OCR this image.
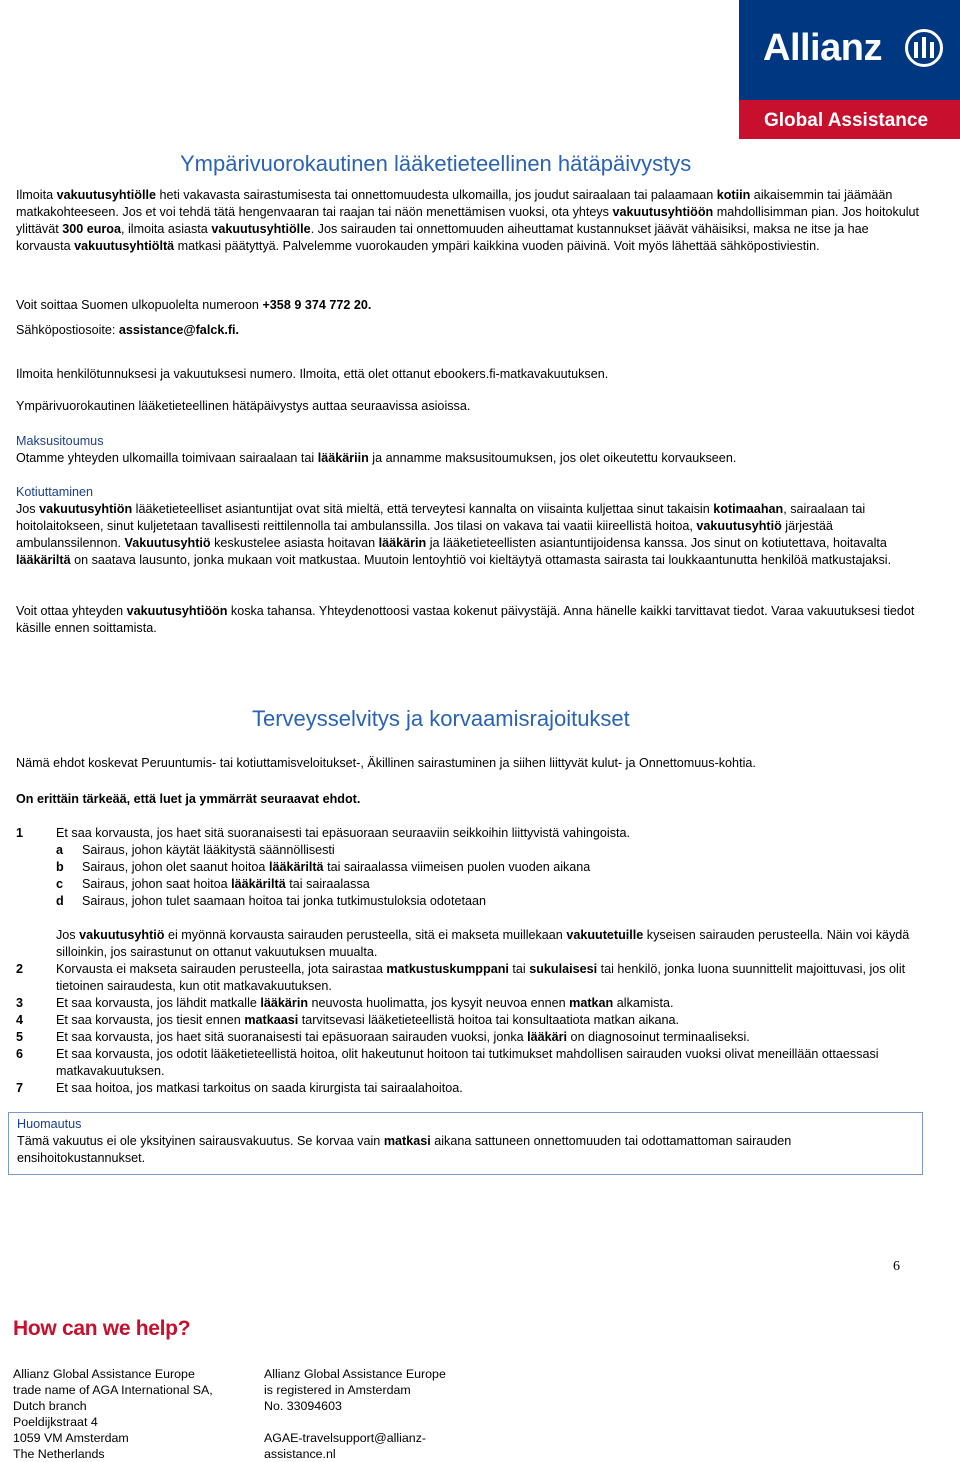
Allianz
Global Assistance
Ympärivuorokautinen lääketieteellinen hätäpäivystys
Ilmoita vakuutusyhtiölle heti vakavasta sairastumisesta tai onnettomuudesta ulkomailla, jos joudut sairaalaan tai palaamaan kotiin aikaisemmin tai jäämään matkakohteeseen. Jos et voi tehdä tätä hengenvaaran tai raajan tai näön menettämisen vuoksi, ota yhteys vakuutusyhtiöön mahdollisimman pian. Jos hoitokulut ylittävät 300 euroa, ilmoita asiasta vakuutusyhtiölle. Jos sairauden tai onnettomuuden aiheuttamat kustannukset jäävät vähäisiksi, maksa ne itse ja hae korvausta vakuutusyhtiöltä matkasi päätyttyä. Palvelemme vuorokauden ympäri kaikkina vuoden päivinä. Voit myös lähettää sähköpostiviestin.
Voit soittaa Suomen ulkopuolelta numeroon +358 9 374 772 20.
Sähköpostiosoite: assistance@falck.fi.
Ilmoita henkilötunnuksesi ja vakuutuksesi numero. Ilmoita, että olet ottanut ebookers.fi-matkavakuutuksen.
Ympärivuorokautinen lääketieteellinen hätäpäivystys auttaa seuraavissa asioissa.
Maksusitoumus
Otamme yhteyden ulkomailla toimivaan sairaalaan tai lääkäriin ja annamme maksusitoumuksen, jos olet oikeutettu korvaukseen.
Kotiuttaminen
Jos vakuutusyhtiön lääketieteelliset asiantuntijat ovat sitä mieltä, että terveytesi kannalta on viisainta kuljettaa sinut takaisin kotimaahan, sairaalaan tai hoitolaitokseen, sinut kuljetetaan tavallisesti reittilennolla tai ambulanssilla. Jos tilasi on vakava tai vaatii kiireellistä hoitoa, vakuutusyhtiö järjestää ambulanssilennon. Vakuutusyhtiö keskustelee asiasta hoitavan lääkärin ja lääketieteellisten asiantuntijoidensa kanssa. Jos sinut on kotiutettava, hoitavalta lääkäriltä on saatava lausunto, jonka mukaan voit matkustaa. Muutoin lentoyhtiö voi kieltäytyä ottamasta sairasta tai loukkaantunutta henkilöä matkustajaksi.
Voit ottaa yhteyden vakuutusyhtiöön koska tahansa. Yhteydenottoosi vastaa kokenut päivystäjä. Anna hänelle kaikki tarvittavat tiedot. Varaa vakuutuksesi tiedot käsille ennen soittamista.
Terveysselvitys ja korvaamisrajoitukset
Nämä ehdot koskevat Peruuntumis- tai kotiuttamisveloitukset-, Äkillinen sairastuminen ja siihen liittyvät kulut- ja Onnettomuus-kohtia.
On erittäin tärkeää, että luet ja ymmärrät seuraavat ehdot.
1	Et saa korvausta, jos haet sitä suoranaisesti tai epäsuoraan seuraaviin seikkoihin liittyvistä vahingoista.
a Sairaus, johon käytät lääkitystä säännöllisesti
b Sairaus, johon olet saanut hoitoa lääkäriltä tai sairaalassa viimeisen puolen vuoden aikana
c Sairaus, johon saat hoitoa lääkäriltä tai sairaalassa
d Sairaus, johon tulet saamaan hoitoa tai jonka tutkimustuloksia odotetaan
Jos vakuutusyhtiö ei myönnä korvausta sairauden perusteella, sitä ei makseta muillekaan vakuutetuille kyseisen sairauden perusteella. Näin voi käydä silloinkin, jos sairastunut on ottanut vakuutuksen muualta.
2	Korvausta ei makseta sairauden perusteella, jota sairastaa matkustuskumppani tai sukulaisesi tai henkilö, jonka luona suunnittelit majoittuvasi, jos olit tietoinen sairaudesta, kun otit matkavakuutuksen.
3	Et saa korvausta, jos lähdit matkalle lääkärin neuvosta huolimatta, jos kysyit neuvoa ennen matkan alkamista.
4	Et saa korvausta, jos tiesit ennen matkaasi tarvitsevasi lääketieteellistä hoitoa tai konsultaatiota matkan aikana.
5	Et saa korvausta, jos haet sitä suoranaisesti tai epäsuoraan sairauden vuoksi, jonka lääkäri on diagnosoinut terminaaliseksi.
6	Et saa korvausta, jos odotit lääketieteellistä hoitoa, olit hakeutunut hoitoon tai tutkimukset mahdollisen sairauden vuoksi olivat meneillään ottaessasi matkavakuutuksen.
7	Et saa hoitoa, jos matkasi tarkoitus on saada kirurgista tai sairaalahoitoa.
Huomautus
Tämä vakuutus ei ole yksityinen sairausvakuutus. Se korvaa vain matkasi aikana sattuneen onnettomuuden tai odottamattoman sairauden ensihoitokustannukset.
6
How can we help?
Allianz Global Assistance Europe
trade name of AGA International SA,
Dutch branch
Poeldijkstraat 4
1059 VM Amsterdam
The Netherlands
Allianz Global Assistance Europe
is registered in Amsterdam
No. 33094603
AGAE-travelsupport@allianz-
assistance.nl
